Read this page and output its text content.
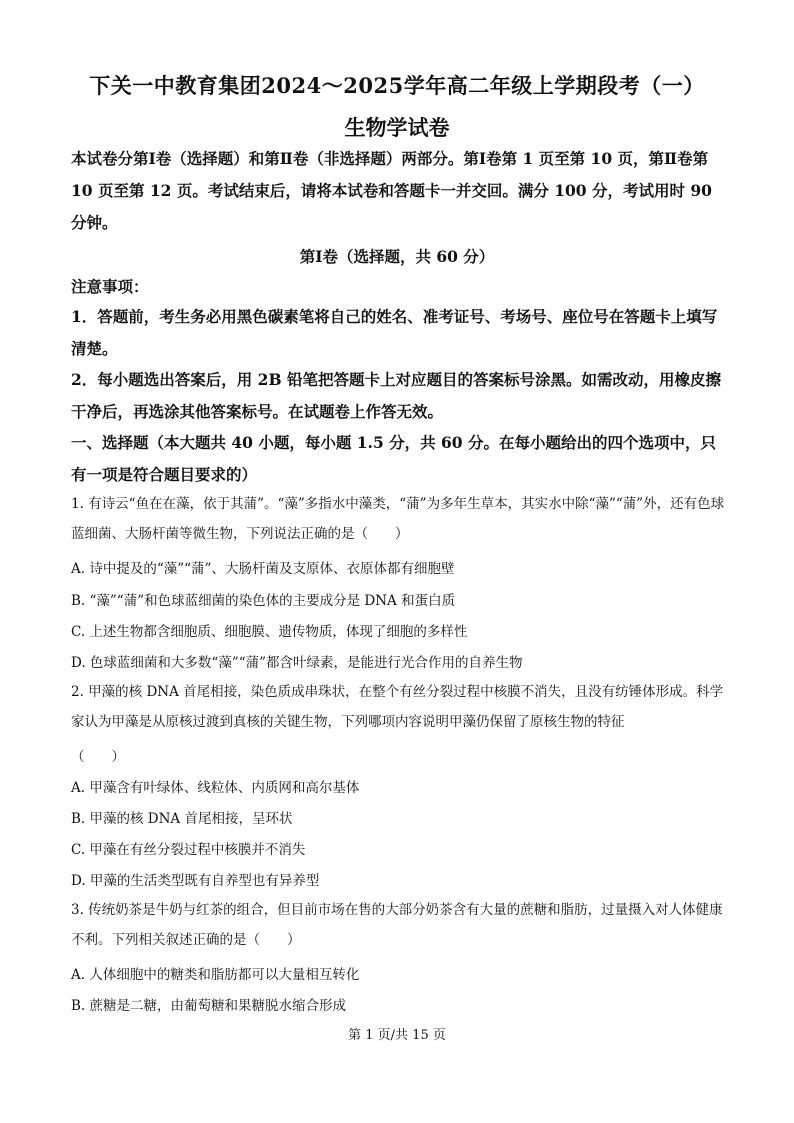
下关一中教育集团2024～2025学年高二年级上学期段考（一）
生物学试卷

本试卷分第Ⅰ卷（选择题）和第Ⅱ卷（非选择题）两部分。第Ⅰ卷第 1 页至第 10 页，第Ⅱ卷第 10 页至第 12 页。考试结束后，请将本试卷和答题卡一并交回。满分 100 分，考试用时 90 分钟。

第Ⅰ卷（选择题，共 60 分）
注意事项：

1．答题前，考生务必用黑色碳素笔将自己的姓名、准考证号、考场号、座位号在答题卡上填写清楚。

2．每小题选出答案后，用 2B 铅笔把答题卡上对应题目的答案标号涂黑。如需改动，用橡皮擦干净后，再选涂其他答案标号。在试题卷上作答无效。

一、选择题（本大题共 40 小题，每小题 1.5 分，共 60 分。在每小题给出的四个选项中，只有一项是符合题目要求的）

1. 有诗云“鱼在在藻，依于其蒲”。“藻”多指水中藻类，“蒲”为多年生草本，其实水中除“藻”“蒲”外，还有色球蓝细菌、大肠杆菌等微生物，下列说法正确的是（　　）

A. 诗中提及的“藻”“蒲”、大肠杆菌及支原体、衣原体都有细胞壁
B. “藻”“蒲”和色球蓝细菌的染色体的主要成分是 DNA 和蛋白质
C. 上述生物都含细胞质、细胞膜、遗传物质，体现了细胞的多样性
D. 色球蓝细菌和大多数“藻”“蒲”都含叶绿素，是能进行光合作用的自养生物

2. 甲藻的核 DNA 首尾相接，染色质成串珠状，在整个有丝分裂过程中核膜不消失，且没有纺锤体形成。科学家认为甲藻是从原核过渡到真核的关键生物，下列哪项内容说明甲藻仍保留了原核生物的特征

（　　）
A. 甲藻含有叶绿体、线粒体、内质网和高尔基体
B. 甲藻的核 DNA 首尾相接，呈环状
C. 甲藻在有丝分裂过程中核膜并不消失
D. 甲藻的生活类型既有自养型也有异养型

3. 传统奶茶是牛奶与红茶的组合，但目前市场在售的大部分奶茶含有大量的蔗糖和脂肪，过量摄入对人体健康不利。下列相关叙述正确的是（　　）

A. 人体细胞中的糖类和脂肪都可以大量相互转化
B. 蔗糖是二糖，由葡萄糖和果糖脱水缩合形成
第 1 页/共 15 页
